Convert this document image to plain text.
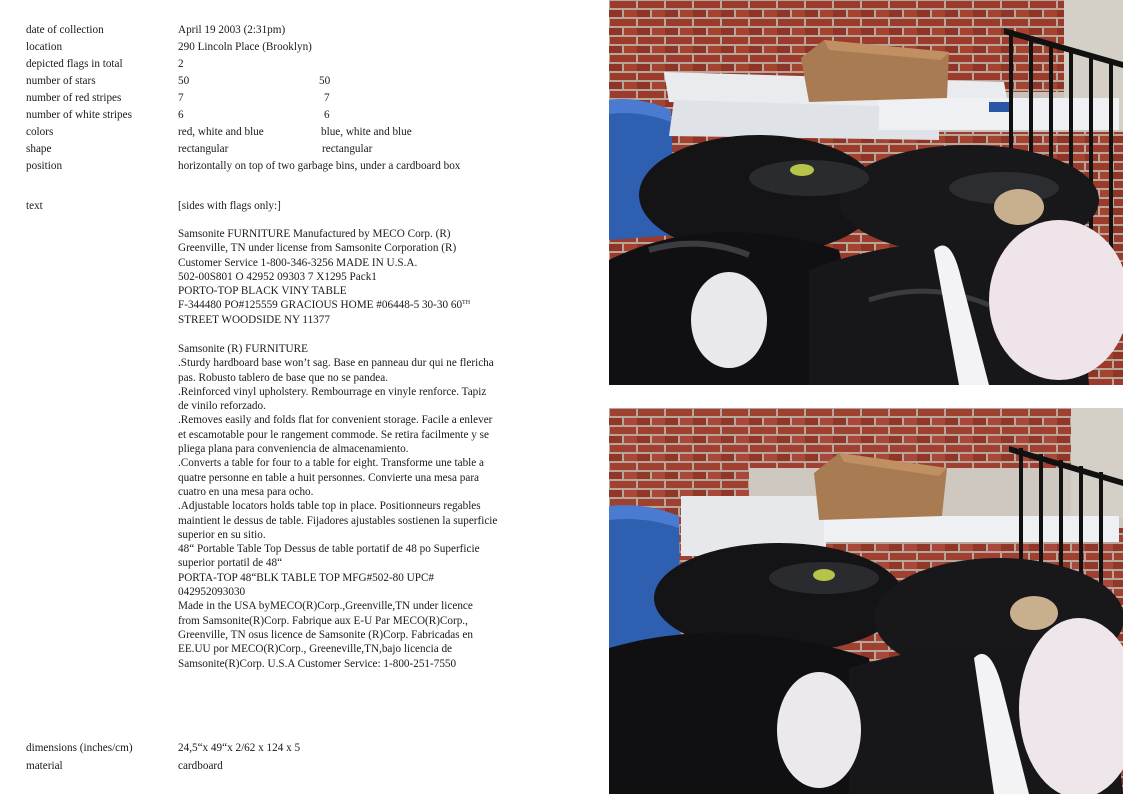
date of collection	April 19 2003 (2:31pm)
location	290 Lincoln Place (Brooklyn)
depicted flags in total	2
number of stars	50	50
number of red stripes	7	7
number of white stripes	6	6
colors	red, white and blue	blue, white and blue
shape	rectangular	rectangular
position	horizontally on top of two garbage bins, under a cardboard box
text	[sides with flags only:]

Samsonite FURNITURE Manufactured by MECO Corp. (R)

Greenville, TN under license from Samsonite Corporation (R)

Customer Service 1-800-346-3256 MADE IN U.S.A.

502-00S801 O 42952 09303 7 X1295 Pack1

PORTO-TOP BLACK VINY TABLE

F-344480 PO#125559 GRACIOUS HOME #06448-5 30-30 60TH

STREET WOODSIDE NY 11377

Samsonite (R) FURNITURE

.Sturdy hardboard base won’t sag. Base en panneau dur qui ne flericha

pas. Robusto tablero de base que no se pandea.

.Reinforced vinyl upholstery. Rembourrage en vinyle renforce. Tapiz

de vinilo reforzado.

.Removes easily and folds flat for convenient storage. Facile a enlever

et escamotable pour le rangement commode. Se retira facilmente y se

pliega plana para conveniencia de almacenamiento.

.Converts a table for four to a table for eight. Transforme une table a

quatre personne en table a huit personnes. Convierte una mesa para

cuatro en una mesa para ocho.

.Adjustable locators holds table top in place. Positionneurs regables

maintient le dessus de table. Fijadores ajustables sostienen la superficie

superior en su sitio.

48“ Portable Table Top Dessus de table portatif de 48 po Superficie

superior portatil de 48“

PORTA-TOP 48“BLK TABLE TOP MFG#502-80 UPC#

042952093030

Made in the USA byMECO(R)Corp.,Greenville,TN under licence

from Samsonite(R)Corp. Fabrique aux E-U Par MECO(R)Corp.,

Greenville, TN osus licence de Samsonite (R)Corp. Fabricadas en

EE.UU por MECO(R)Corp., Greeneville,TN,bajo licencia de

Samsonite(R)Corp. U.S.A Customer Service: 1-800-251-7550

dimensions (inches/cm)	24,5“x 49“x 2/62 x 124 x 5
material	cardboard
